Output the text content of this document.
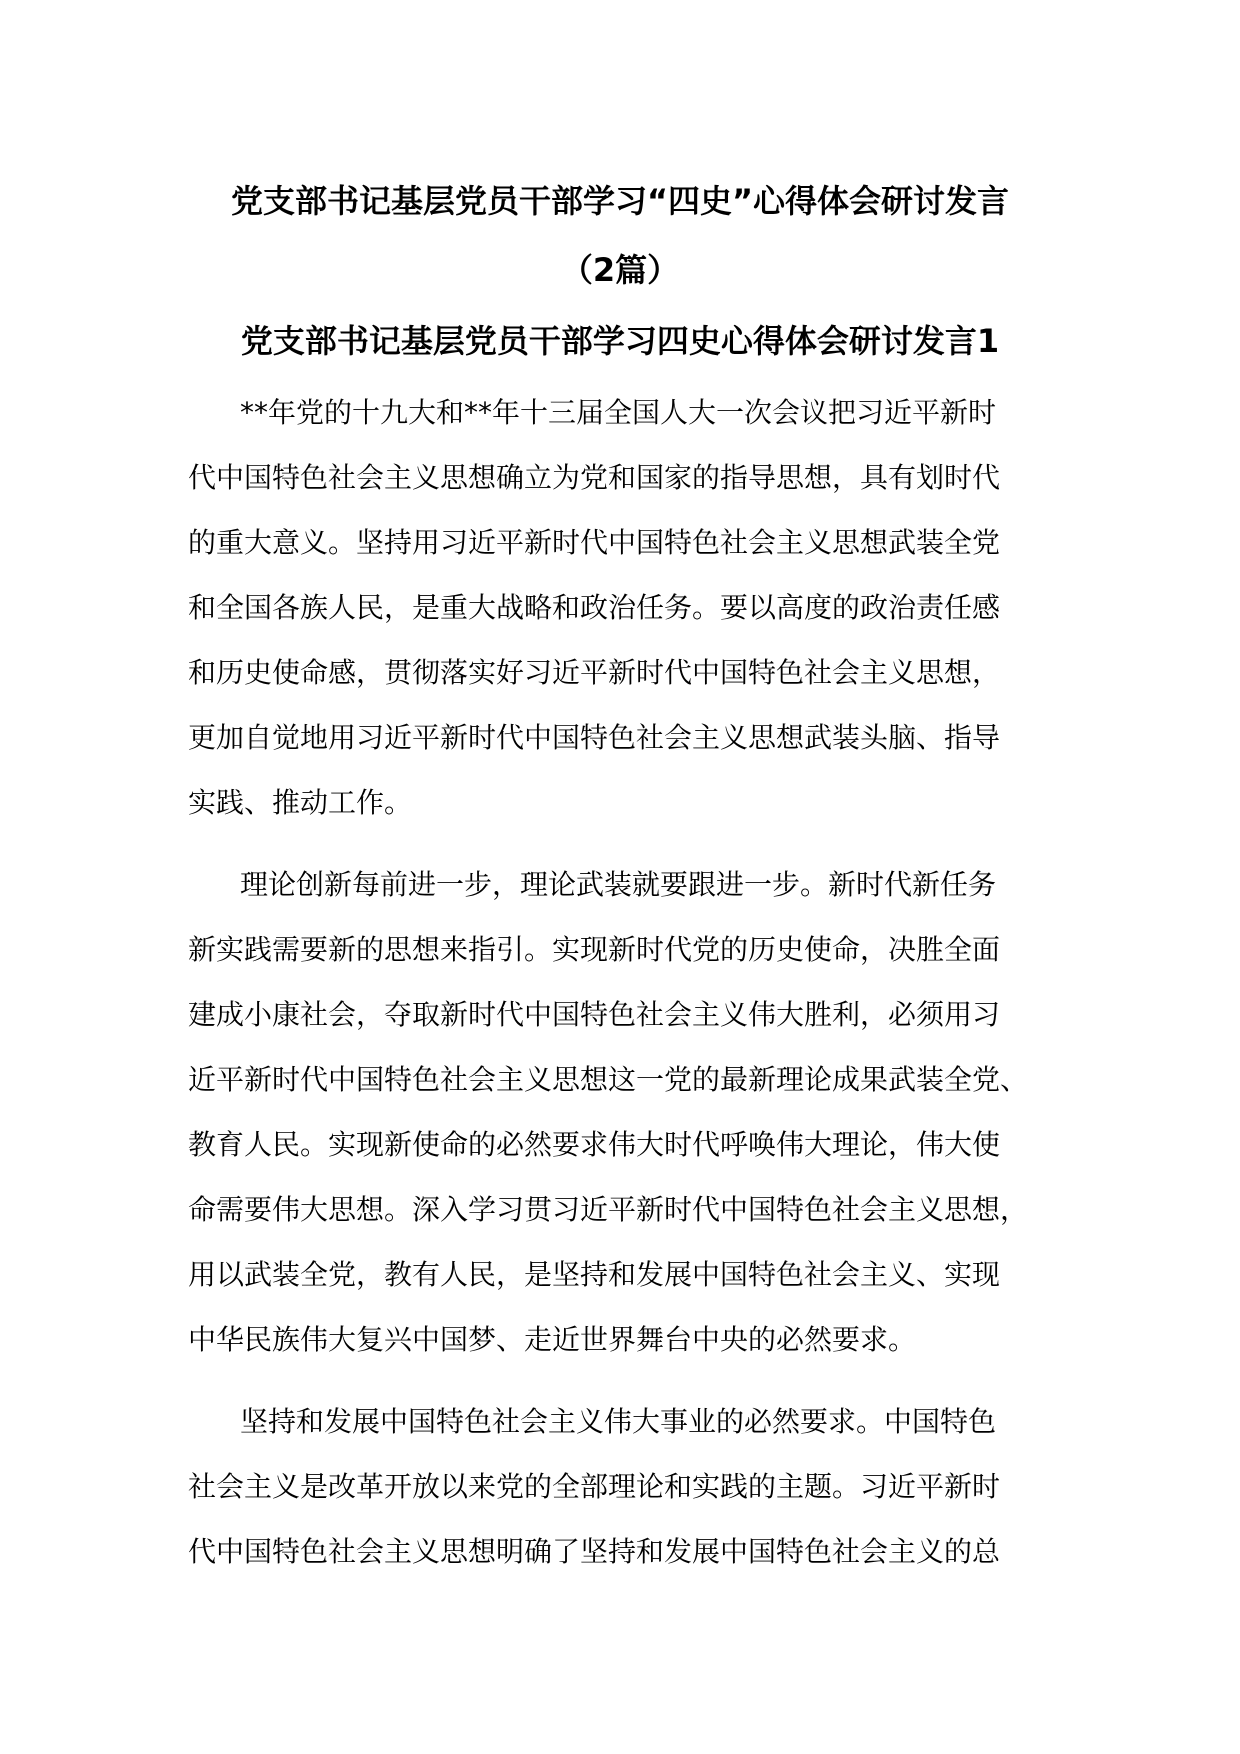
党支部书记基层党员干部学习“四史”心得体会研讨发言
（2篇）
党支部书记基层党员干部学习四史心得体会研讨发言1

**年党的十九大和**年十三届全国人大一次会议把习近平新时
代中国特色社会主义思想确立为党和国家的指导思想，具有划时代
的重大意义。坚持用习近平新时代中国特色社会主义思想武装全党
和全国各族人民，是重大战略和政治任务。要以高度的政治责任感
和历史使命感，贯彻落实好习近平新时代中国特色社会主义思想，
更加自觉地用习近平新时代中国特色社会主义思想武装头脑、指导
实践、推动工作。

理论创新每前进一步，理论武装就要跟进一步。新时代新任务
新实践需要新的思想来指引。实现新时代党的历史使命，决胜全面
建成小康社会，夺取新时代中国特色社会主义伟大胜利，必须用习
近平新时代中国特色社会主义思想这一党的最新理论成果武装全党、
教育人民。实现新使命的必然要求伟大时代呼唤伟大理论，伟大使
命需要伟大思想。深入学习贯习近平新时代中国特色社会主义思想，
用以武装全党，教有人民，是坚持和发展中国特色社会主义、实现
中华民族伟大复兴中国梦、走近世界舞台中央的必然要求。

坚持和发展中国特色社会主义伟大事业的必然要求。中国特色
社会主义是改革开放以来党的全部理论和实践的主题。习近平新时
代中国特色社会主义思想明确了坚持和发展中国特色社会主义的总
